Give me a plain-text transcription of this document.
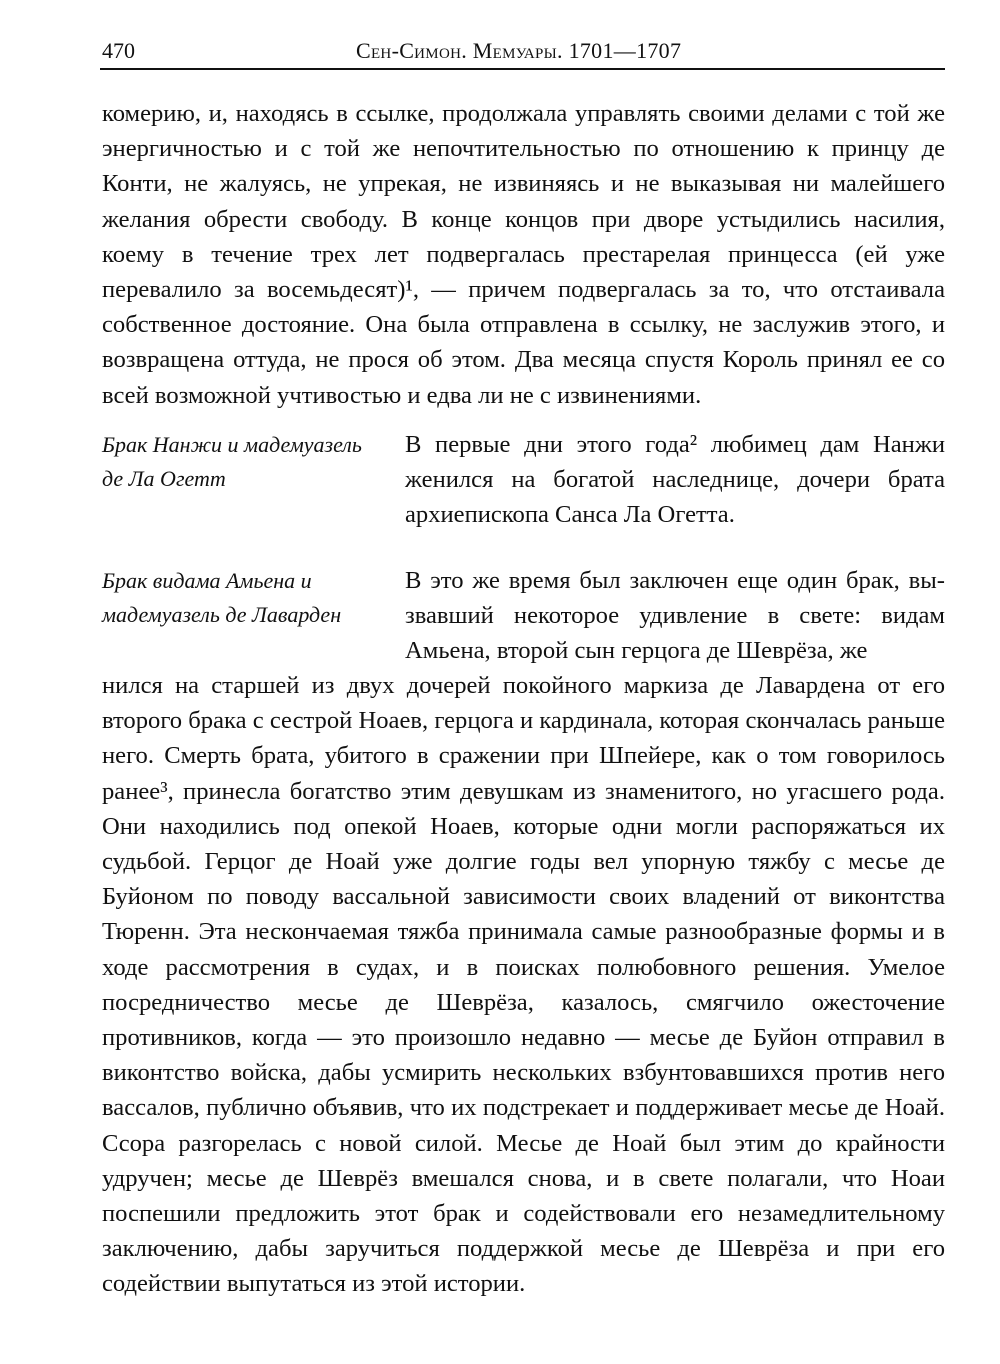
470	Сен-Симон. Мемуары. 1701—1707

комерию, и, находясь в ссылке, продолжала управлять своими делами с той же энергичностью и с той же непочтительностью по отношению к принцу де Конти, не жалуясь, не упрекая, не извиняясь и не выказывая ни малейшего желания обрести свободу. В конце концов при дворе устыдились насилия, коему в течение трех лет подвергалась престарелая принцесса (ей уже перевалило за восемьдесят)¹, — причем подвергалась за то, что отстаивала собственное достояние. Она была отправлена в ссылку, не заслужив этого, и возвращена оттуда, не прося об этом. Два месяца спустя Король принял ее со всей возможной учтивостью и едва ли не с извинениями.

Брак Нанжи и мадемуазель де Ла Огетт

В первые дни этого года² любимец дам Нанжи женился на богатой наследнице, дочери брата архиепископа Санса Ла Огетта.

Брак видама Амьена и мадемуазель де Лаварден

В это же время был заключен еще один брак, вызвавший некоторое удивление в свете: видам Амьена, второй сын герцога де Шеврёза, же

нился на старшей из двух дочерей покойного маркиза де Лавардена от его второго брака с сестрой Ноаев, герцога и кардинала, которая скончалась раньше него. Смерть брата, убитого в сражении при Шпейере, как о том говорилось ранее³, принесла богатство этим девушкам из знаменитого, но угасшего рода. Они находились под опекой Ноаев, которые одни могли распоряжаться их судьбой. Герцог де Ноай уже долгие годы вел упорную тяжбу с месье де Буйоном по поводу вассальной зависимости своих владений от виконтства Тюренн. Эта нескончаемая тяжба принимала самые разнообразные формы и в ходе рассмотрения в судах, и в поисках полюбовного решения. Умелое посредничество месье де Шеврёза, казалось, смягчило ожесточение противников, когда — это произошло недавно — месье де Буйон отправил в виконтство войска, дабы усмирить нескольких взбунтовавшихся против него вассалов, публично объявив, что их подстрекает и поддерживает месье де Ноай. Ссора разгорелась с новой силой. Месье де Ноай был этим до крайности удручен; месье де Шеврёз вмешался снова, и в свете полагали, что Ноаи поспешили предложить этот брак и содействовали его незамедлительному заключению, дабы заручиться поддержкой месье де Шеврёза и при его содействии выпутаться из этой истории.
